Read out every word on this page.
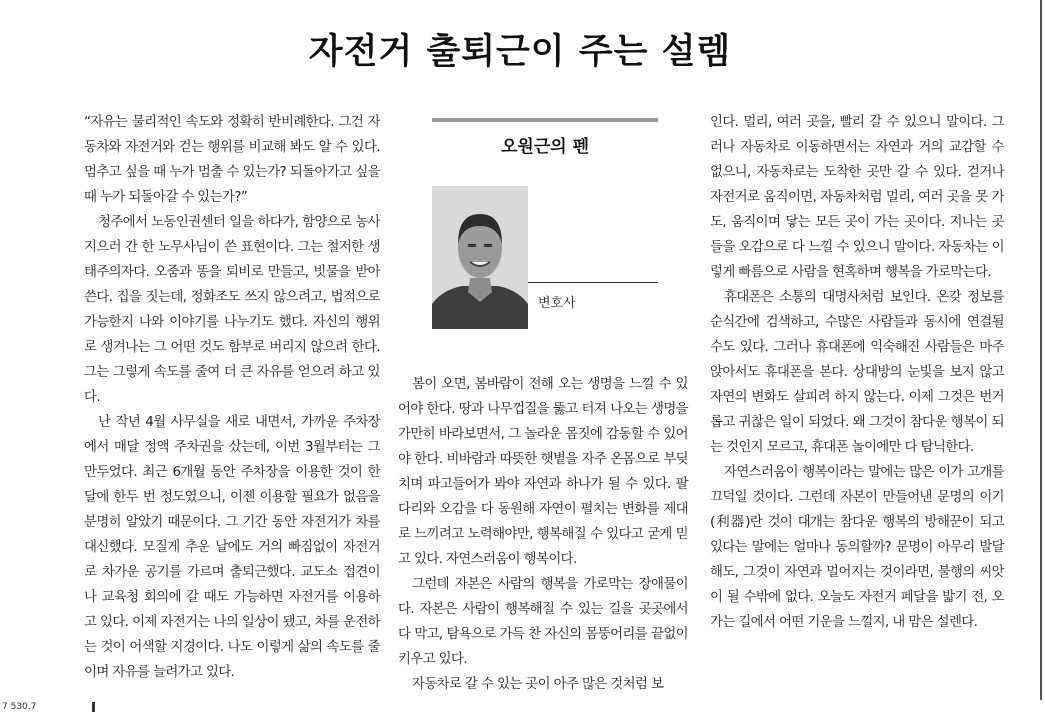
자전거 출퇴근이 주는 설렘

“자유는 물리적인 속도와 정확히 반비례한다. 그건 자동차와 자전거와 걷는 행위를 비교해 봐도 알 수 있다. 멈추고 싶을 때 누가 멈출 수 있는가? 되돌아가고 싶을 때 누가 되돌아갈 수 있는가?”

청주에서 노동인권센터 일을 하다가, 함양으로 농사지으러 간 한 노무사님이 쓴 표현이다. 그는 철저한 생태주의자다. 오줌과 똥을 퇴비로 만들고, 빗물을 받아 쓴다. 집을 짓는데, 정화조도 쓰지 않으려고, 법적으로 가능한지 나와 이야기를 나누기도 했다. 자신의 행위로 생겨나는 그 어떤 것도 함부로 버리지 않으려 한다. 그는 그렇게 속도를 줄여 더 큰 자유를 얻으려 하고 있다.

난 작년 4월 사무실을 새로 내면서, 가까운 주차장에서 매달 정액 주차권을 샀는데, 이번 3월부터는 그만두었다. 최근 6개월 동안 주차장을 이용한 것이 한 달에 한두 번 정도였으니, 이젠 이용할 필요가 없음을 분명히 알았기 때문이다. 그 기간 동안 자전거가 차를 대신했다. 모질게 추운 날에도 거의 빠짐없이 자전거로 차가운 공기를 가르며 출퇴근했다. 교도소 접견이나 교육청 회의에 갈 때도 가능하면 자전거를 이용하고 있다. 이제 자전거는 나의 일상이 됐고, 차를 운전하는 것이 어색할 지경이다. 나도 이렇게 삶의 속도를 줄이며 자유를 늘려가고 있다.

오원근의 펜
변호사

봄이 오면, 봄바람이 전해 오는 생명을 느낄 수 있어야 한다. 땅과 나무껍질을 뚫고 터져 나오는 생명을 가만히 바라보면서, 그 놀라운 몸짓에 감동할 수 있어야 한다. 비바람과 따뜻한 햇볕을 자주 온몸으로 부딪치며 파고들어가 봐야 자연과 하나가 될 수 있다. 팔다리와 오감을 다 동원해 자연이 펼치는 변화를 제대로 느끼려고 노력해야만, 행복해질 수 있다고 굳게 믿고 있다. 자연스러움이 행복이다.

그런데 자본은 사람의 행복을 가로막는 장애물이다. 자본은 사람이 행복해질 수 있는 길을 곳곳에서 다 막고, 탐욕으로 가득 찬 자신의 몸뚱어리를 끝없이 키우고 있다.

자동차로 갈 수 있는 곳이 아주 많은 것처럼 보

인다. 멀리, 여러 곳을, 빨리 갈 수 있으니 말이다. 그러나 자동차로 이동하면서는 자연과 거의 교감할 수 없으니, 자동차로는 도착한 곳만 갈 수 있다. 걷거나 자전거로 움직이면, 자동차처럼 멀리, 여러 곳을 못 가도, 움직이며 닿는 모든 곳이 가는 곳이다. 지나는 곳들을 오감으로 다 느낄 수 있으니 말이다. 자동차는 이렇게 빠름으로 사람을 현혹하며 행복을 가로막는다.

휴대폰은 소통의 대명사처럼 보인다. 온갖 정보를 순식간에 검색하고, 수많은 사람들과 동시에 연결될 수도 있다. 그러나 휴대폰에 익숙해진 사람들은 마주 앉아서도 휴대폰을 본다. 상대방의 눈빛을 보지 않고 자연의 변화도 살피려 하지 않는다. 이제 그것은 번거롭고 귀찮은 일이 되었다. 왜 그것이 참다운 행복이 되는 것인지 모르고, 휴대폰 놀이에만 다 탐닉한다.

자연스러움이 행복이라는 말에는 많은 이가 고개를 끄덕일 것이다. 그런데 자본이 만들어낸 문명의 이기(利器)란 것이 대개는 참다운 행복의 방해꾼이 되고 있다는 말에는 얼마나 동의할까? 문명이 아무리 발달해도, 그것이 자연과 멀어지는 것이라면, 불행의 씨앗이 될 수밖에 없다. 오늘도 자전거 페달을 밟기 전, 오가는 길에서 어떤 기운을 느낄지, 내 맘은 설렌다.

7 530.7
